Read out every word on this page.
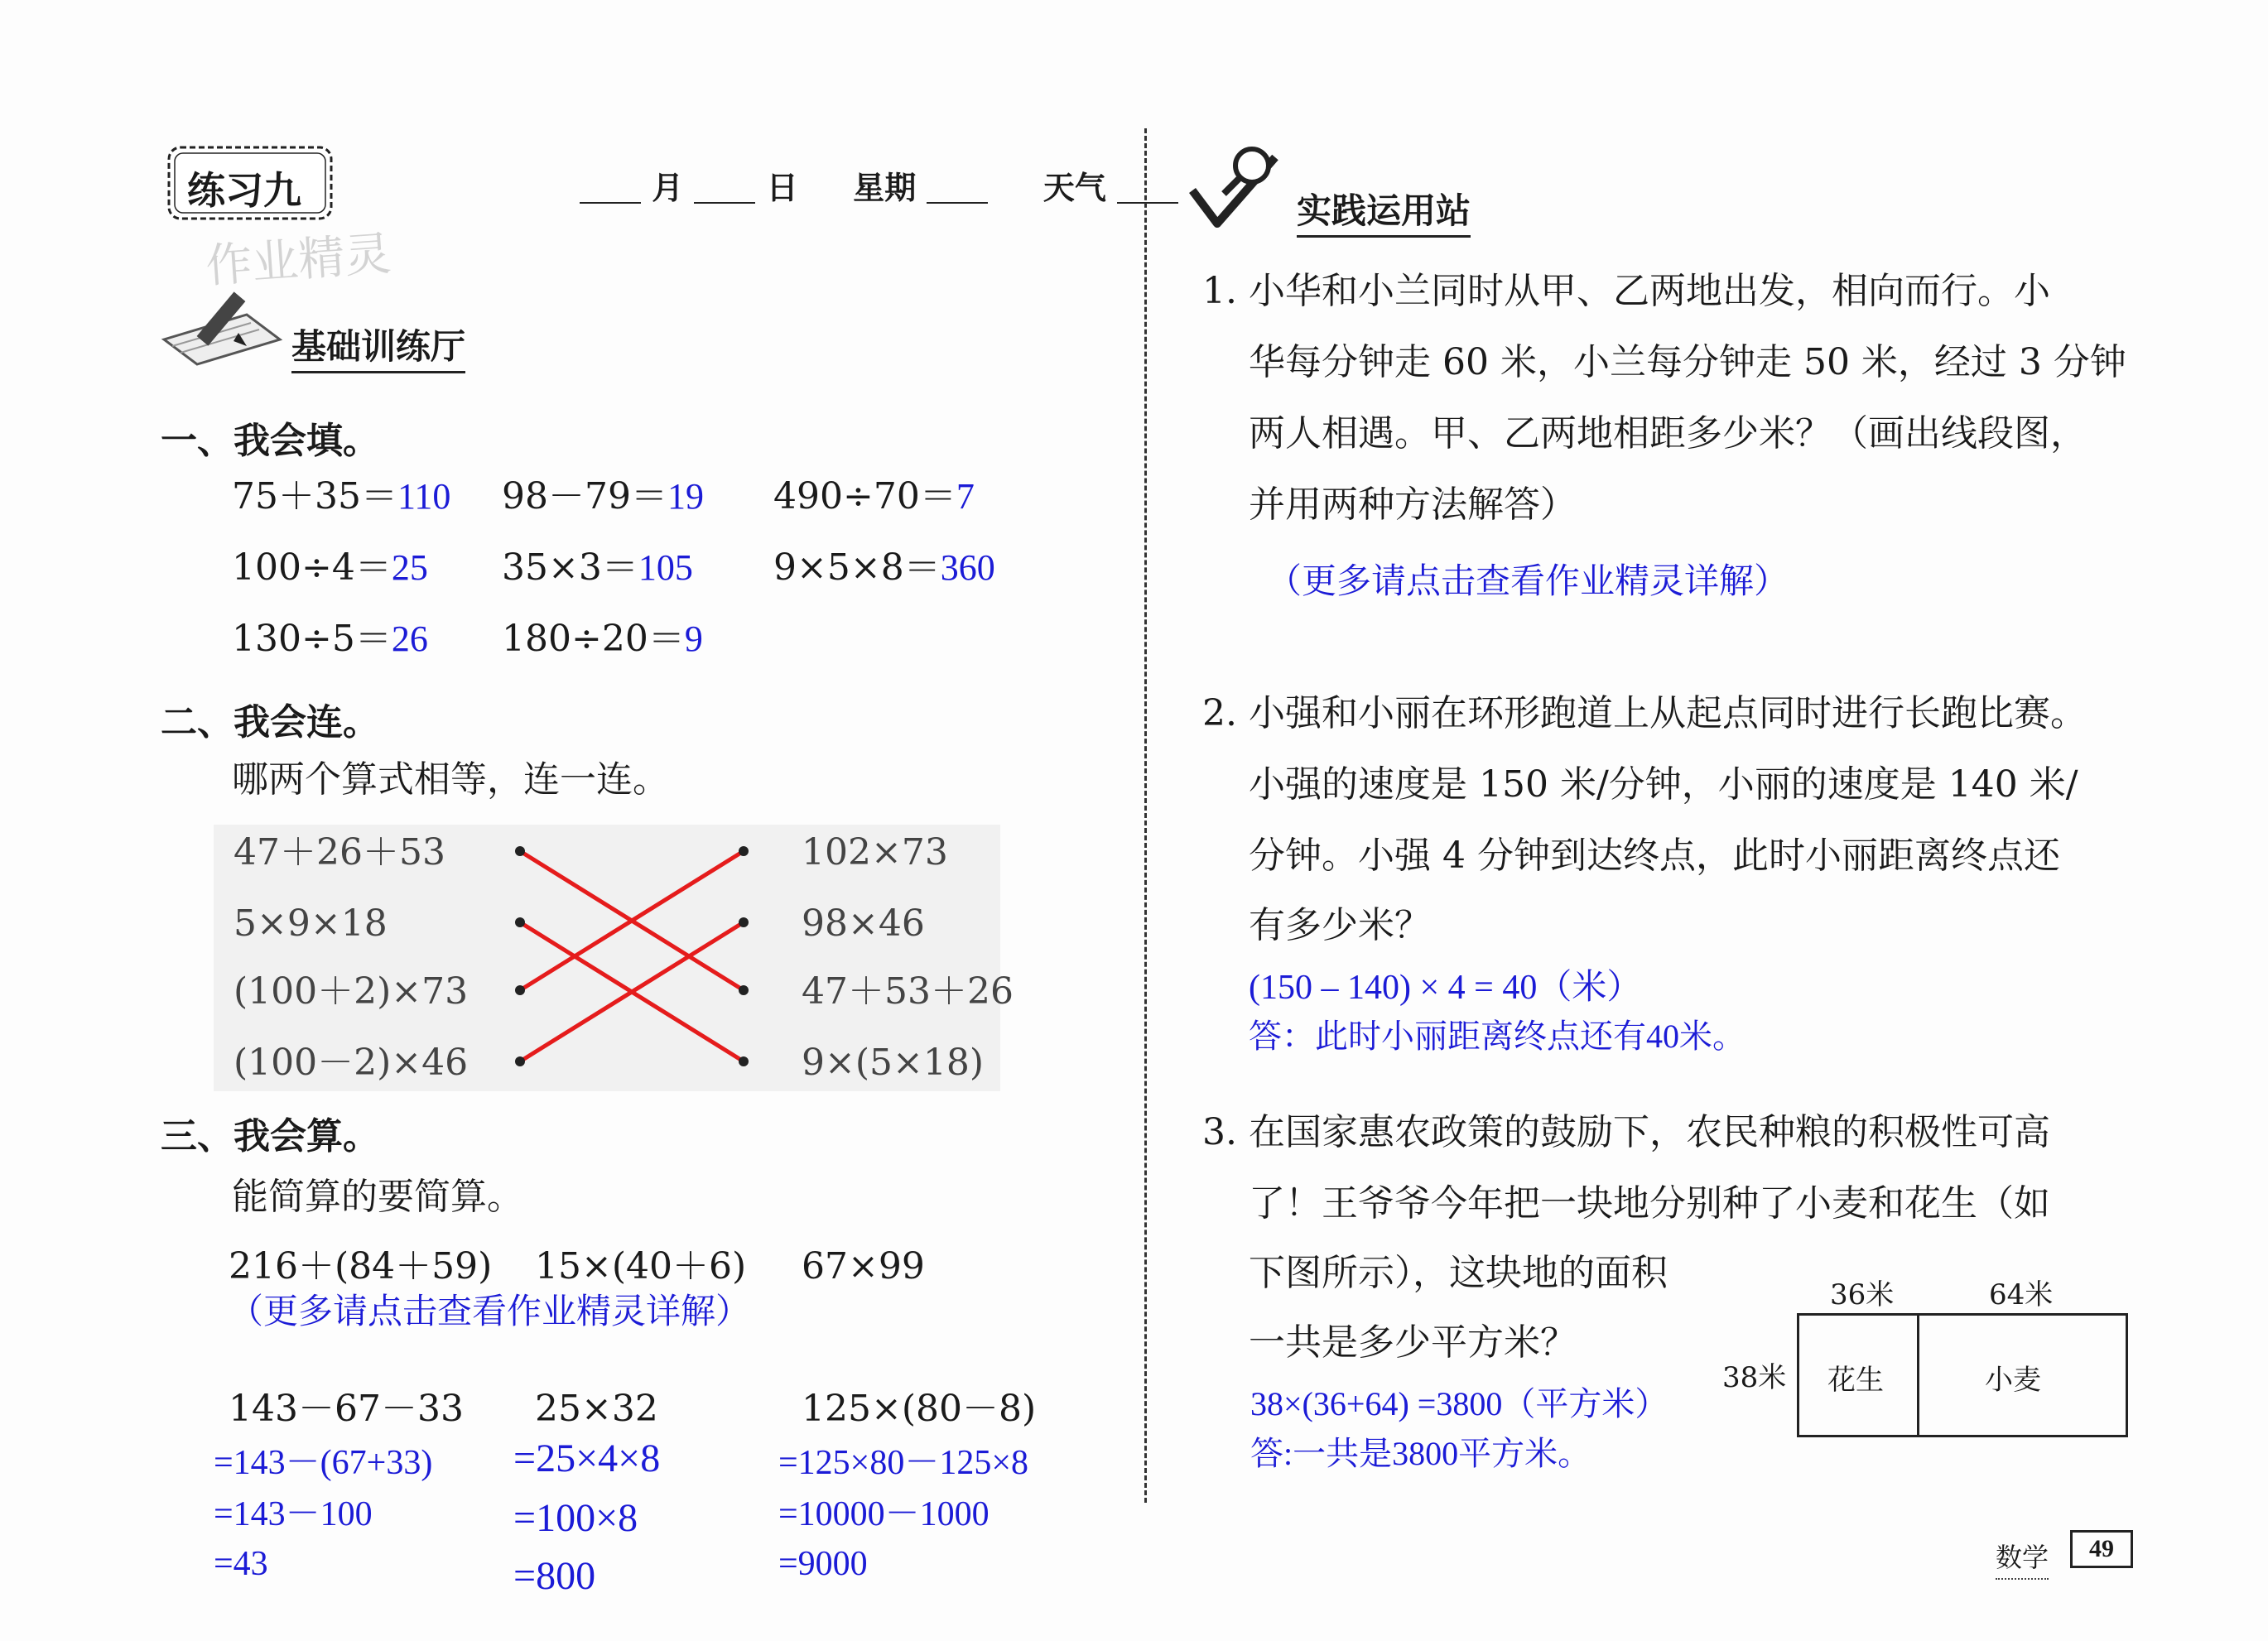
练习九
作业精灵
月	日 星期	天气
基础训练厅
一、我会填。
75＋35＝110 98－79＝19 490÷70＝7
100÷4＝25 35×3＝105 9×5×8＝360
130÷5＝26 180÷20＝9
二、我会连。
哪两个算式相等，连一连。
47＋26＋53
5×9×18
(100＋2)×73
(100－2)×46
102×73
98×46
47＋53＋26
9×(5×18)
三、我会算。
能简算的要简算。
216＋(84＋59) 15×(40＋6) 67×99
（更多请点击查看作业精灵详解）
143－67－33 25×32	125×(80－8)
=143－(67+33)
=143－100
=43
=25×4×8
=100×8
=800
=125×80－125×8
=10000－1000
=9000
实践运用站
1. 小华和小兰同时从甲、乙两地出发，相向而行。小
华每分钟走 60 米，小兰每分钟走 50 米，经过 3 分钟
两人相遇。甲、乙两地相距多少米？（画出线段图，
并用两种方法解答）
（更多请点击查看作业精灵详解）
2. 小强和小丽在环形跑道上从起点同时进行长跑比赛。
小强的速度是 150 米/分钟，小丽的速度是 140 米/
分钟。小强 4 分钟到达终点，此时小丽距离终点还
有多少米？
(150 – 140) × 4 = 40（米）
答：此时小丽距离终点还有40米。
3. 在国家惠农政策的鼓励下，农民种粮的积极性可高
了！王爷爷今年把一块地分别种了小麦和花生（如
下图所示），这块地的面积
一共是多少平方米？
38×(36+64) =3800（平方米）
答:一共是3800平方米。
36米	64米
38米 花生	小麦
数学	49
